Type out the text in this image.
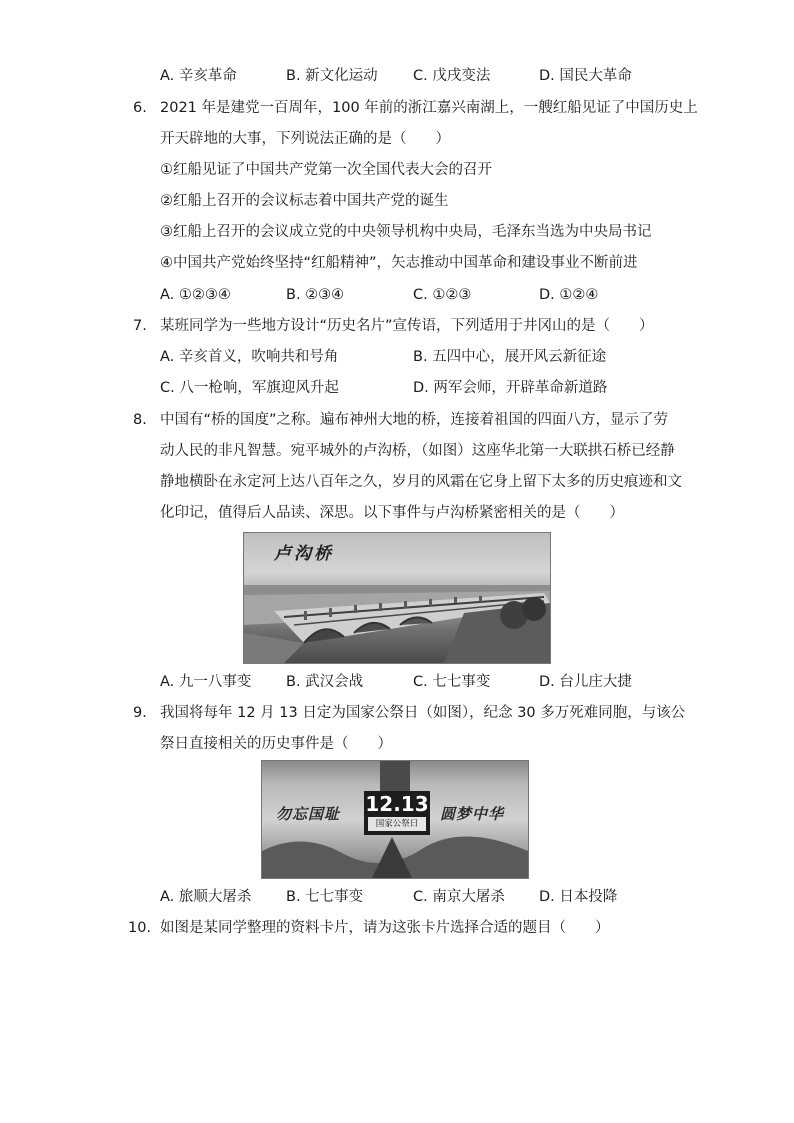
A. 辛亥革命	B. 新文化运动 C. 戊戌变法	D. 国民大革命
6. 2021 年是建党一百周年，100 年前的浙江嘉兴南湖上，一艘红船见证了中国历史上
开天辟地的大事，下列说法正确的是（　　）
①红船见证了中国共产党第一次全国代表大会的召开
②红船上召开的会议标志着中国共产党的诞生
③红船上召开的会议成立党的中央领导机构中央局，毛泽东当选为中央局书记
④中国共产党始终坚持“红船精神”，矢志推动中国革命和建设事业不断前进
A. ①②③④	B. ②③④	C. ①②③	D. ①②④
7. 某班同学为一些地方设计“历史名片”宣传语，下列适用于井冈山的是（　　）
A. 辛亥首义，吹响共和号角	B. 五四中心，展开风云新征途
C. 八一枪响，军旗迎风升起	D. 两军会师，开辟革命新道路
8. 中国有“桥的国度”之称。遍布神州大地的桥，连接着祖国的四面八方，显示了劳
动人民的非凡智慧。宛平城外的卢沟桥，（如图）这座华北第一大联拱石桥已经静
静地横卧在永定河上达八百年之久，岁月的风霜在它身上留下太多的历史痕迹和文
化印记，值得后人品读、深思。以下事件与卢沟桥紧密相关的是（　　）
卢沟桥
A. 九一八事变 B. 武汉会战	C. 七七事变	D. 台儿庄大捷
9. 我国将每年 12 月 13 日定为国家公祭日（如图），纪念 30 多万死难同胞，与该公
祭日直接相关的历史事件是（　　）
勿忘国耻 12.13
国家公祭日
圆梦中华
A. 旅顺大屠杀 B. 七七事变	C. 南京大屠杀 D. 日本投降
10. 如图是某同学整理的资料卡片，请为这张卡片选择合适的题目（　　）
